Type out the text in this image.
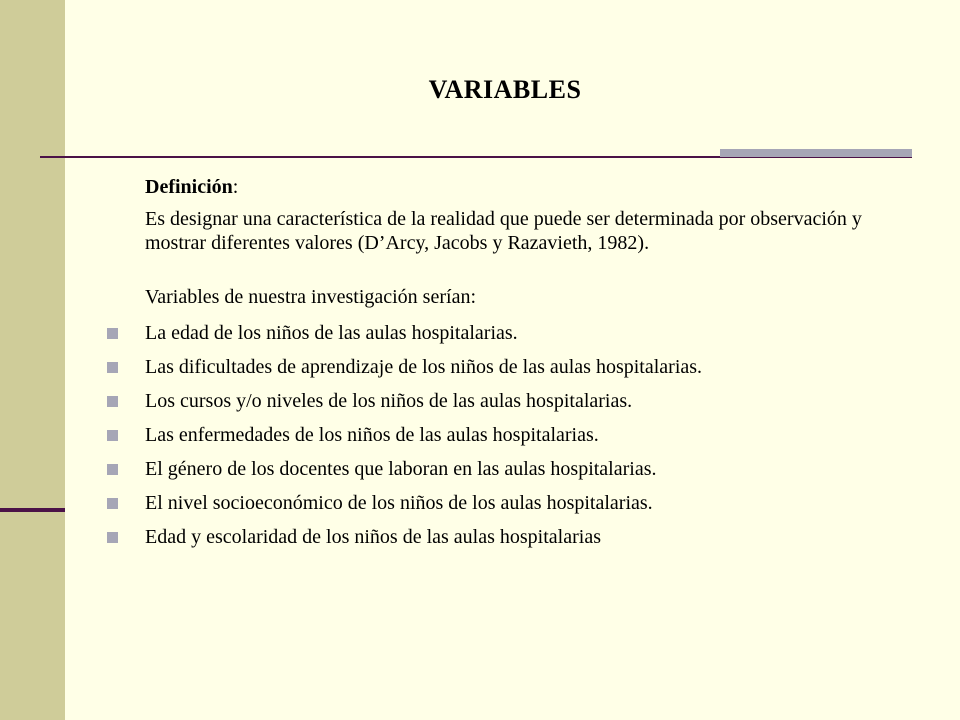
VARIABLES

Definición:

Es designar una característica de la realidad que puede ser determinada por observación y mostrar diferentes valores (D’Arcy, Jacobs y Razavieth, 1982).

Variables de nuestra investigación serían:

La edad de los niños de las aulas hospitalarias.
Las dificultades de aprendizaje de los niños de las aulas hospitalarias.
Los cursos y/o niveles de los niños de las aulas hospitalarias.
Las enfermedades de los niños de las aulas hospitalarias.
El género de los docentes que laboran en las aulas hospitalarias.
El nivel socioeconómico de los niños de los aulas hospitalarias.
Edad y escolaridad de los niños de las aulas hospitalarias
